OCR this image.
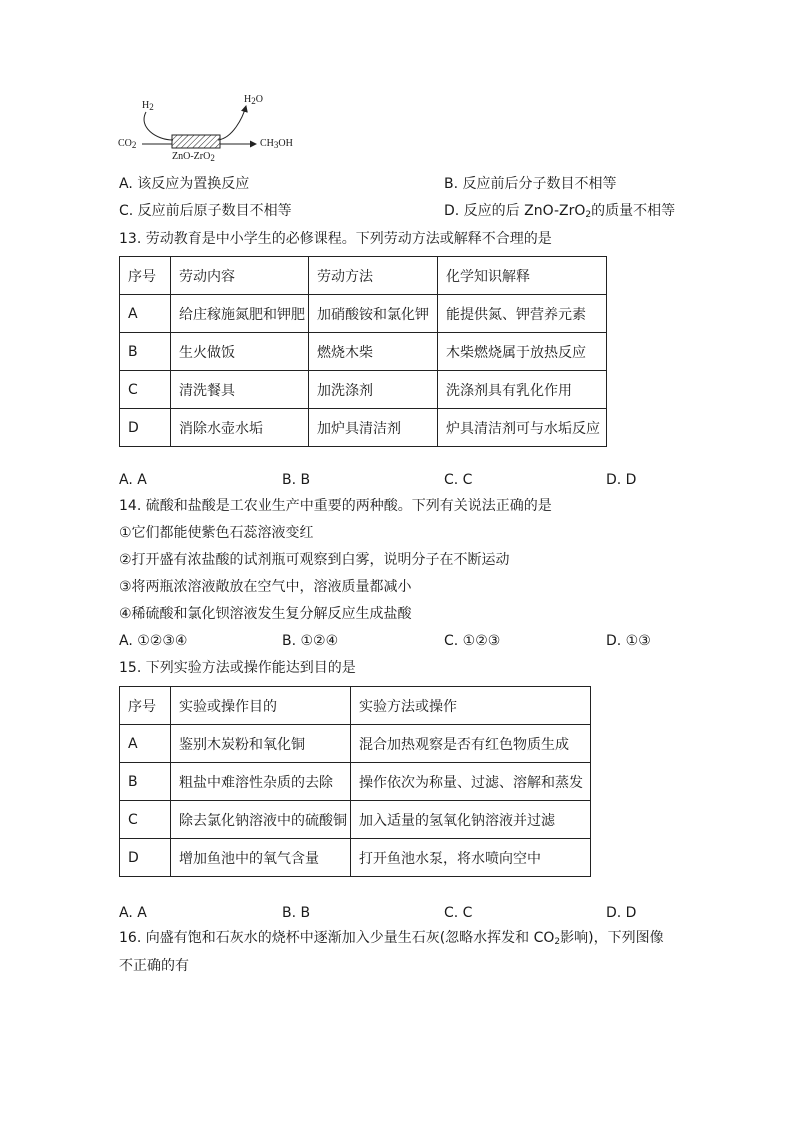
H2
H2O
CO2	CH3OH
ZnO-ZrO2
A. 该反应为置换反应	B. 反应前后分子数目不相等
C. 反应前后原子数目不相等	D. 反应的后 ZnO-ZrO$_2$的质量不相等
13. 劳动教育是中小学生的必修课程。下列劳动方法或解释不合理的是
序号	劳动内容	劳动方法	化学知识解释
A	给庄稼施氮肥和钾肥	加硝酸铵和氯化钾	能提供氮、钾营养元素
B	生火做饭	燃烧木柴	木柴燃烧属于放热反应
C	清洗餐具	加洗涤剂	洗涤剂具有乳化作用
D	消除水壶水垢	加炉具清洁剂	炉具清洁剂可与水垢反应
A. A	B. B	C. C	D. D
14. 硫酸和盐酸是工农业生产中重要的两种酸。下列有关说法正确的是
①它们都能使紫色石蕊溶液变红
②打开盛有浓盐酸的试剂瓶可观察到白雾，说明分子在不断运动
③将两瓶浓溶液敞放在空气中，溶液质量都减小
④稀硫酸和氯化钡溶液发生复分解反应生成盐酸
A. ①②③④	B. ①②④	C. ①②③	D. ①③
15. 下列实验方法或操作能达到目的是
序号	实验或操作目的	实验方法或操作
A	鉴别木炭粉和氧化铜	混合加热观察是否有红色物质生成
B	粗盐中难溶性杂质的去除	操作依次为称量、过滤、溶解和蒸发
C	除去氯化钠溶液中的硫酸铜	加入适量的氢氧化钠溶液并过滤
D	增加鱼池中的氧气含量	打开鱼池水泵，将水喷向空中
A. A	B. B	C. C	D. D
16. 向盛有饱和石灰水的烧杯中逐渐加入少量生石灰(忽略水挥发和 $CO_2$影响)，下列图像
不正确的有
